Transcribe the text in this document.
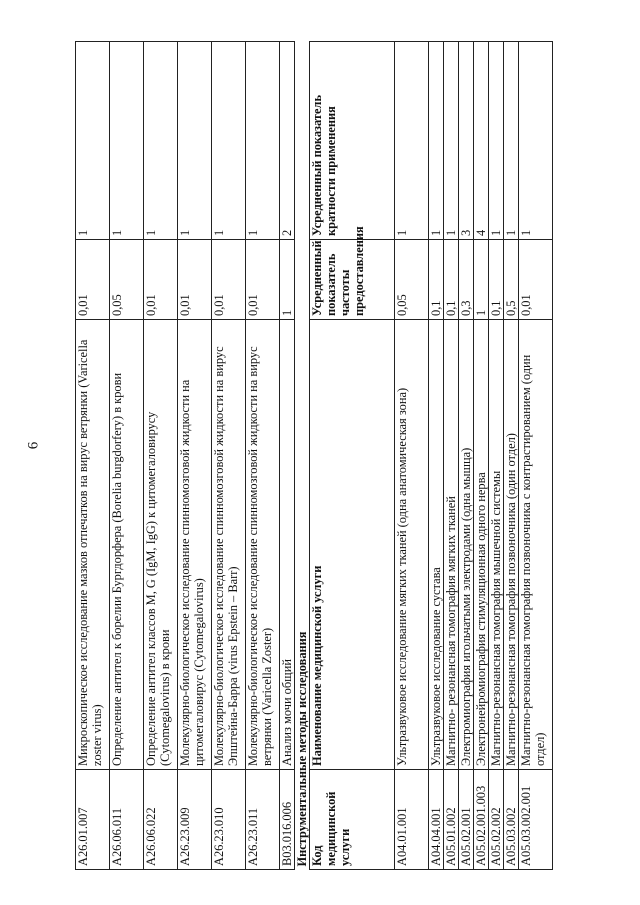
6
A26.01.007	Микроскопическое исследование мазков отпечатков на вирус ветрянки (Varicella zoster virus)	0,01	1
A26.06.011	Определение антител к борелии Бургдорфера (Borelia burgdorfery) в крови	0,05	1
A26.06.022	Определение антител классов M, G (IgM, IgG) к цитомегаловирусу (Cytomegalovirus) в крови	0,01	1
A26.23.009	Молекулярно-биологическое исследование спинномозговой жидкости на цитомегаловирус (Cytomegalovirus)	0,01	1
A26.23.010	Молекулярно-биологическое исследование спинномозговой жидкости на вирус Эпштейна-Барра (virus Epstein – Barr)	0,01	1
A26.23.011	Молекулярно-биологическое исследование спинномозговой жидкости на вирус ветрянки (Varicella Zoster)	0,01	1
B03.016.006	Анализ мочи общий	1	2
Инструментальные методы исследования			
Код медицинской услуги	Наименование медицинской услуги	Усредненный показатель частоты предоставления	Усредненный показатель кратности применения
A04.01.001	Ультразвуковое исследование мягких тканей (одна анатомическая зона)	0,05	1
A04.04.001	Ультразвуковое исследование сустава	0,1	1
A05.01.002	Магнитно- резонансная томография мягких тканей	0,1	1
A05.02.001	Электромиография игольчатыми электродами (одна мышца)	0,3	3
A05.02.001.003	Электронейромиография стимуляционная одного нерва	1	4
A05.02.002	Магнитно-резонансная томография мышечной системы	0,1	1
A05.03.002	Магнитно-резонансная томография позвоночника (один отдел)	0,5	1
A05.03.002.001	Магнитно-резонансная томография позвоночника с контрастированием (один отдел)	0,01	1
